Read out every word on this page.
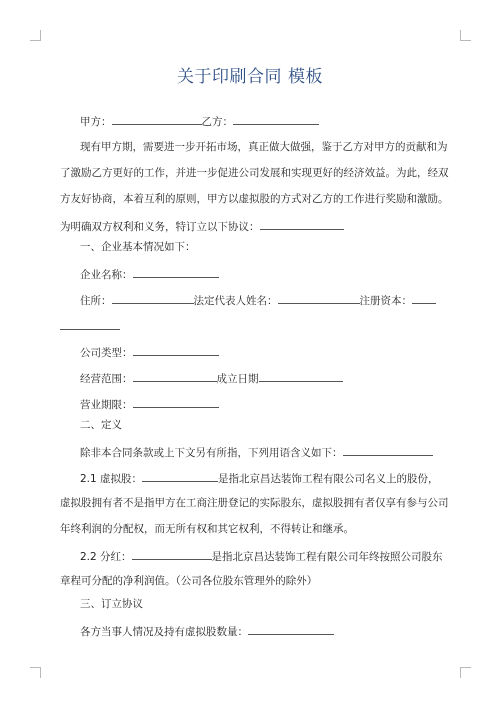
关于印刷合同 模板
甲方：	乙方：
现有甲方期，需要进一步开拓市场，真正做大做强，鉴于乙方对甲方的贡献和为
了激励乙方更好的工作，并进一步促进公司发展和实现更好的经济效益。为此，经双
方友好协商，本着互利的原则，甲方以虚拟股的方式对乙方的工作进行奖励和激励。
为明确双方权利和义务，特订立以下协议：
一、企业基本情况如下：
企业名称：
住所：	法定代表人姓名：	注册资本：
公司类型：
经营范围：	成立日期
营业期限：
二、定义
除非本合同条款或上下文另有所指，下列用语含义如下：
2.1 虚拟股：	是指北京昌达装饰工程有限公司名义上的股份，
虚拟股拥有者不是指甲方在工商注册登记的实际股东，虚拟股拥有者仅享有参与公司
年终利润的分配权，而无所有权和其它权利，不得转让和继承。
2.2 分红：	是指北京昌达装饰工程有限公司年终按照公司股东
章程可分配的净利润值。（公司各位股东管理外的除外）
三、订立协议
各方当事人情况及持有虚拟股数量：
